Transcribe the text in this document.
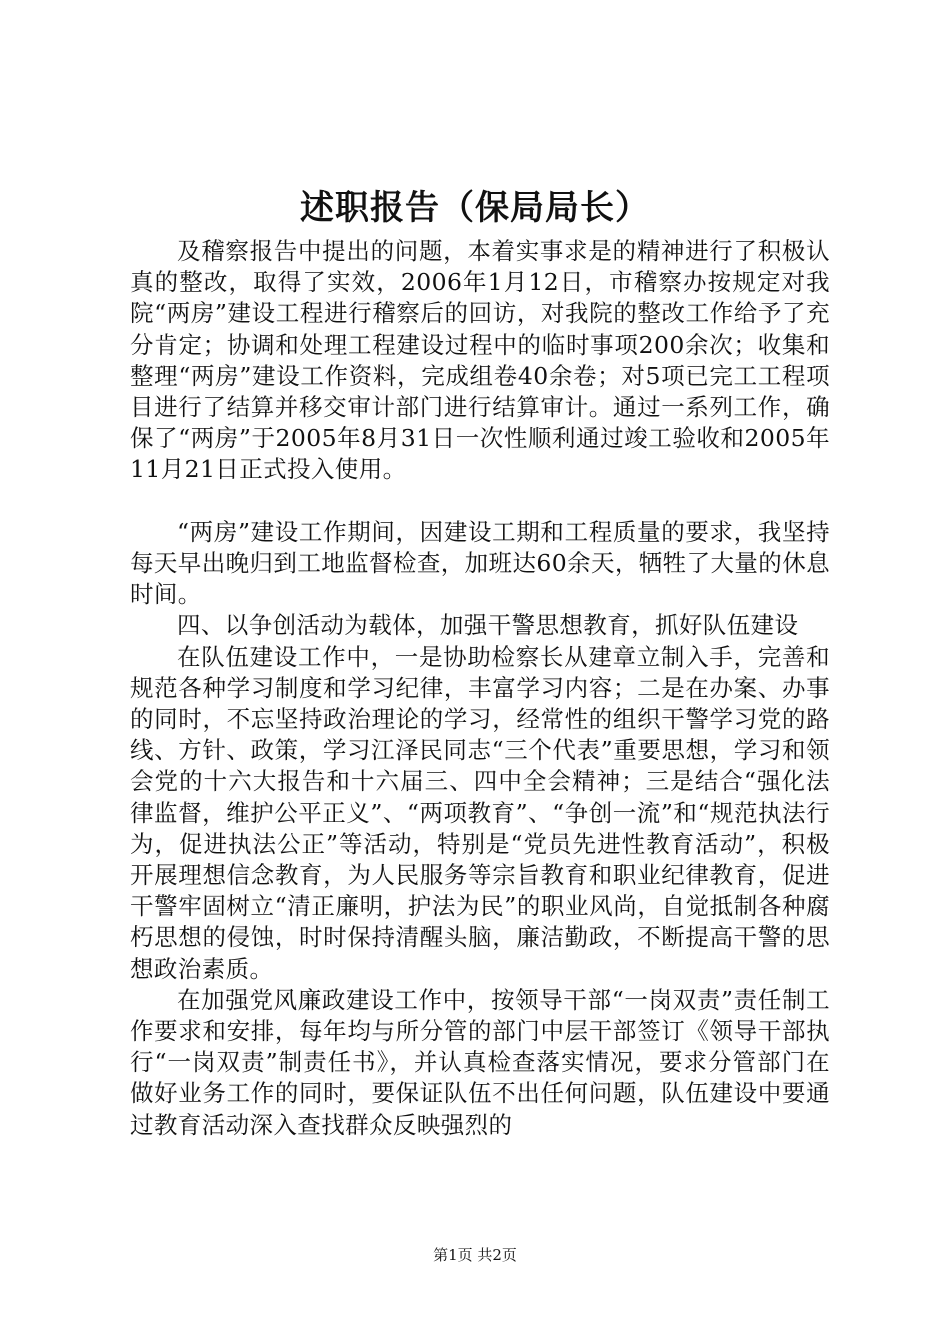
述职报告（保局局长）

及稽察报告中提出的问题，本着实事求是的精神进行了积极认真的整改，取得了实效，2006年1月12日，市稽察办按规定对我院“两房”建设工程进行稽察后的回访，对我院的整改工作给予了充分肯定；协调和处理工程建设过程中的临时事项200余次；收集和整理“两房”建设工作资料，完成组卷40余卷；对5项已完工工程项目进行了结算并移交审计部门进行结算审计。通过一系列工作，确保了“两房”于2005年8月31日一次性顺利通过竣工验收和2005年11月21日正式投入使用。

“两房”建设工作期间，因建设工期和工程质量的要求，我坚持每天早出晚归到工地监督检查，加班达60余天，牺牲了大量的休息时间。

四、以争创活动为载体，加强干警思想教育，抓好队伍建设

在队伍建设工作中，一是协助检察长从建章立制入手，完善和规范各种学习制度和学习纪律，丰富学习内容；二是在办案、办事的同时，不忘坚持政治理论的学习，经常性的组织干警学习党的路线、方针、政策，学习江泽民同志“三个代表”重要思想，学习和领会党的十六大报告和十六届三、四中全会精神；三是结合“强化法律监督，维护公平正义”、“两项教育”、“争创一流”和“规范执法行为，促进执法公正”等活动，特别是“党员先进性教育活动”，积极开展理想信念教育，为人民服务等宗旨教育和职业纪律教育，促进干警牢固树立“清正廉明，护法为民”的职业风尚，自觉抵制各种腐朽思想的侵蚀，时时保持清醒头脑，廉洁勤政，不断提高干警的思想政治素质。

在加强党风廉政建设工作中，按领导干部“一岗双责”责任制工作要求和安排，每年均与所分管的部门中层干部签订《领导干部执行“一岗双责”制责任书》，并认真检查落实情况，要求分管部门在做好业务工作的同时，要保证队伍不出任何问题，队伍建设中要通过教育活动深入查找群众反映强烈的

第1页 共2页
